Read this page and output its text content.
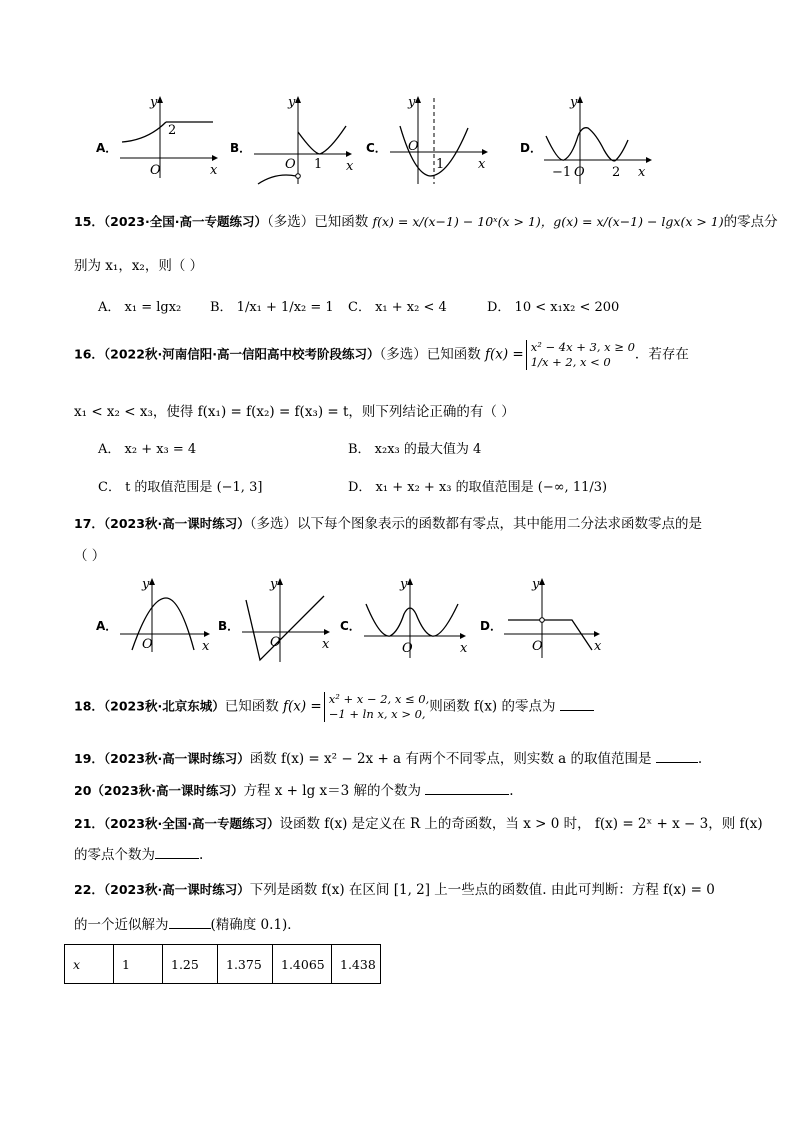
A．
y
x
O
2
B．
y
x
O 1
C．
y
x
O
1
D．
y
x
O
−1	2
15．（2023·全国·高一专题练习）（多选）已知函数 f(x) = x/(x−1) − 10ˣ(x > 1)，g(x) = x/(x−1) − lgx(x > 1)的零点分
别为 x₁，x₂，则（ ）
A． x₁ = lgx₂ B． 1/x₁ + 1/x₂ = 1 C． x₁ + x₂ < 4	D． 10 < x₁x₂ < 200
16．（2022秋·河南信阳·高一信阳高中校考阶段练习）（多选）已知函数 f(x) = x² − 4x + 3, x ≥ 0
1/x + 2, x < 0	．若存在
x₁ < x₂ < x₃，使得 f(x₁) = f(x₂) = f(x₃) = t，则下列结论正确的有（ ）
A． x₂ + x₃ = 4	B． x₂x₃ 的最大值为 4
C． t 的取值范围是 (−1, 3]	D． x₁ + x₂ + x₃ 的取值范围是 (−∞, 11/3)
17．（2023秋·高一课时练习）（多选）以下每个图象表示的函数都有零点，其中能用二分法求函数零点的是
（ ）
A．
y
x
O
B．
y
x
O
C．
y
x
O
D．
y
x
O
18．（2023秋·北京东城）已知函数 f(x) = x² + x − 2, x ≤ 0,
−1 + ln x, x > 0, 则函数 f(x) 的零点为
19．（2023秋·高一课时练习）函数 f(x) = x² − 2x + a 有两个不同零点，则实数 a 的取值范围是	.
20（2023秋·高一课时练习）方程 x + lg x＝3 解的个数为	.
21．（2023秋·全国·高一专题练习）设函数 f(x) 是定义在 R 上的奇函数，当 x > 0 时， f(x) = 2ˣ + x − 3，则 f(x)
的零点个数为	.
22．（2023秋·高一课时练习）下列是函数 f(x) 在区间 [1, 2] 上一些点的函数值. 由此可判断：方程 f(x) = 0
的一个近似解为	(精确度 0.1)．
x	1	1.25	1.375	1.4065	1.438
